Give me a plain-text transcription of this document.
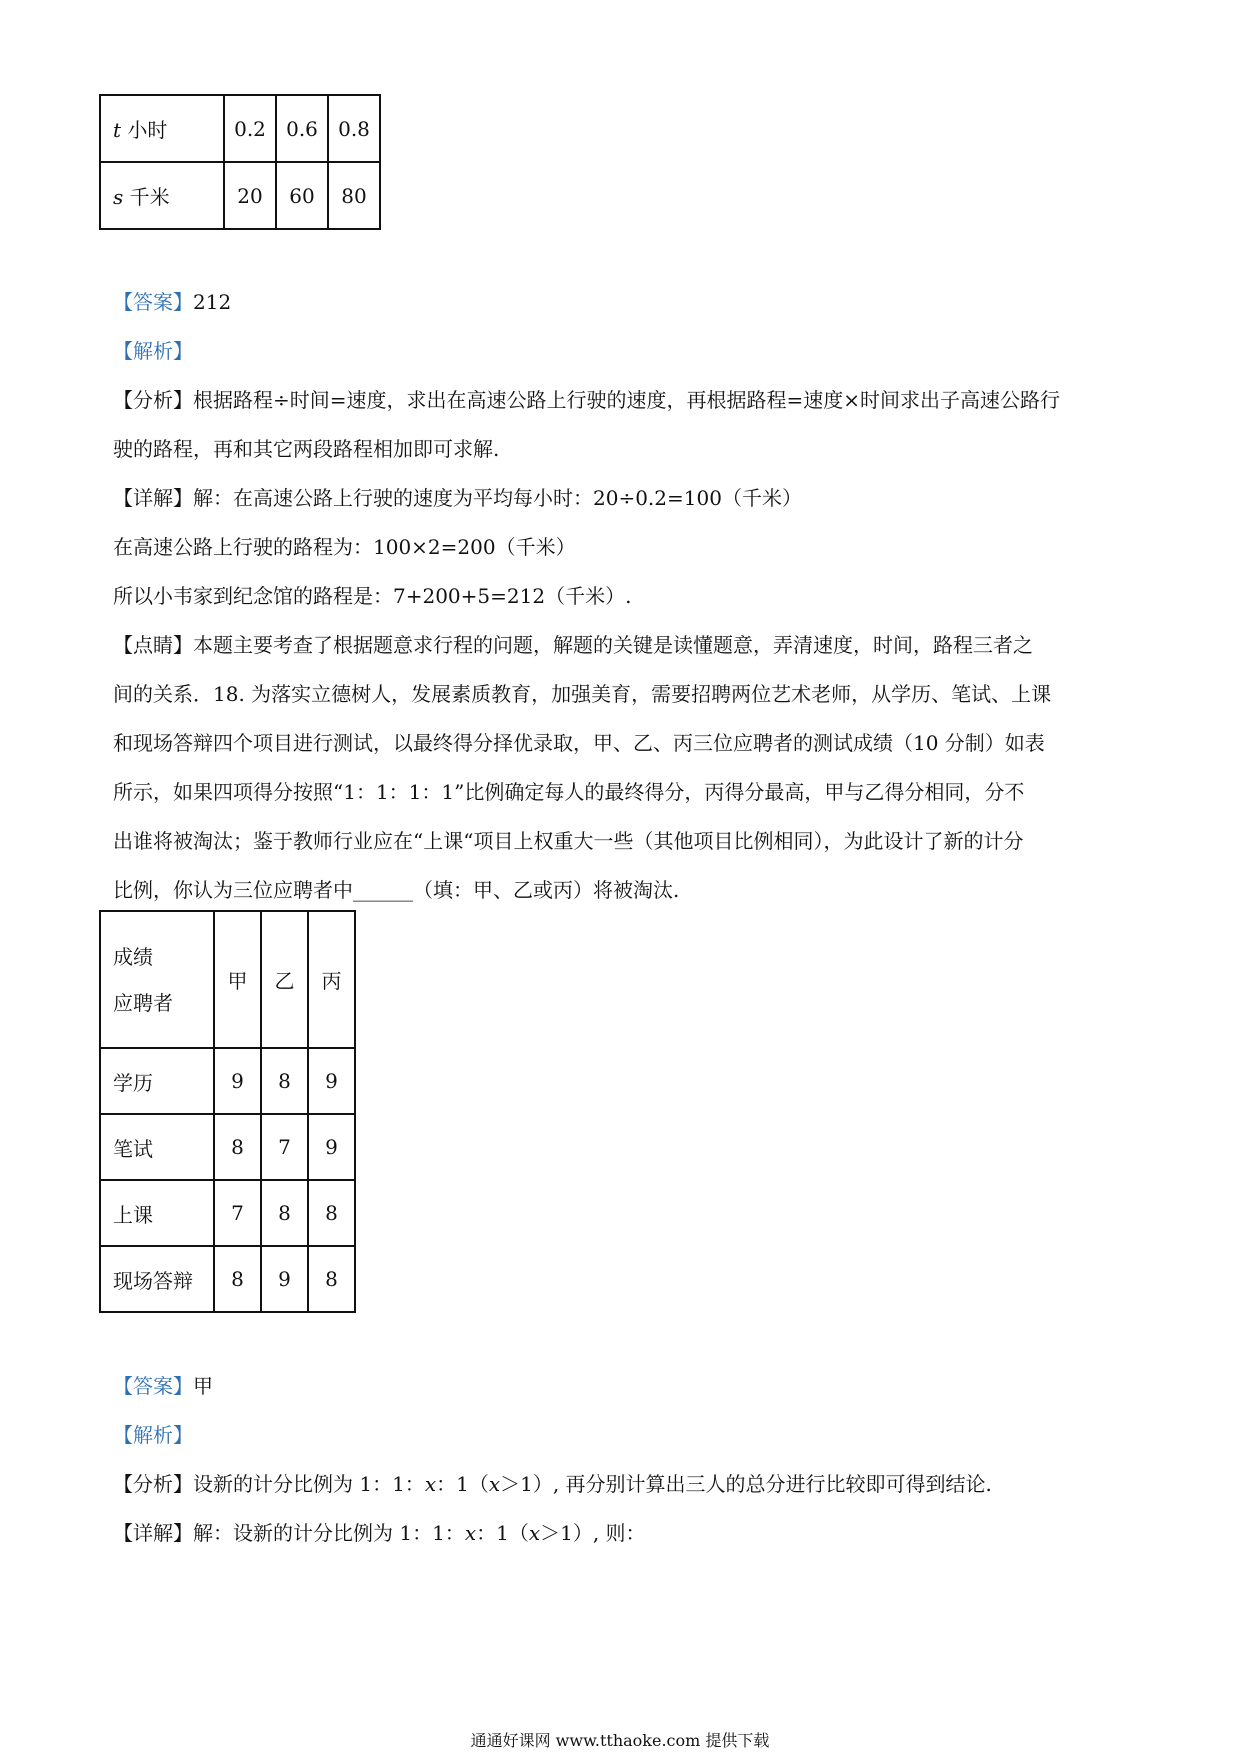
t 小时	0.2	0.6	0.8
s 千米	20	60	80
【答案】212
【解析】
【分析】根据路程÷时间=速度，求出在高速公路上行驶的速度，再根据路程=速度×时间求出子高速公路行
驶的路程，再和其它两段路程相加即可求解.
【详解】解：在高速公路上行驶的速度为平均每小时：20÷0.2=100（千米）
在高速公路上行驶的路程为：100×2=200（千米）
所以小韦家到纪念馆的路程是：7+200+5=212（千米）.
【点睛】本题主要考查了根据题意求行程的问题，解题的关键是读懂题意，弄清速度，时间，路程三者之
间的关系．18. 为落实立德树人，发展素质教育，加强美育，需要招聘两位艺术老师，从学历、笔试、上课
和现场答辩四个项目进行测试，以最终得分择优录取，甲、乙、丙三位应聘者的测试成绩（10 分制）如表
所示，如果四项得分按照“1：1：1：1”比例确定每人的最终得分，丙得分最高，甲与乙得分相同，分不
出谁将被淘汰；鉴于教师行业应在“上课“项目上权重大一些（其他项目比例相同），为此设计了新的计分
比例，你认为三位应聘者中______（填：甲、乙或丙）将被淘汰.
成绩
应聘者	甲	乙	丙
学历	9	8	9
笔试	8	7	9
上课	7	8	8
现场答辩	8	9	8
【答案】甲
【解析】
【分析】设新的计分比例为 1：1：x：1（x＞1）, 再分别计算出三人的总分进行比较即可得到结论.
【详解】解：设新的计分比例为 1：1：x：1（x＞1）, 则：
通通好课网 www.tthaoke.com 提供下载
